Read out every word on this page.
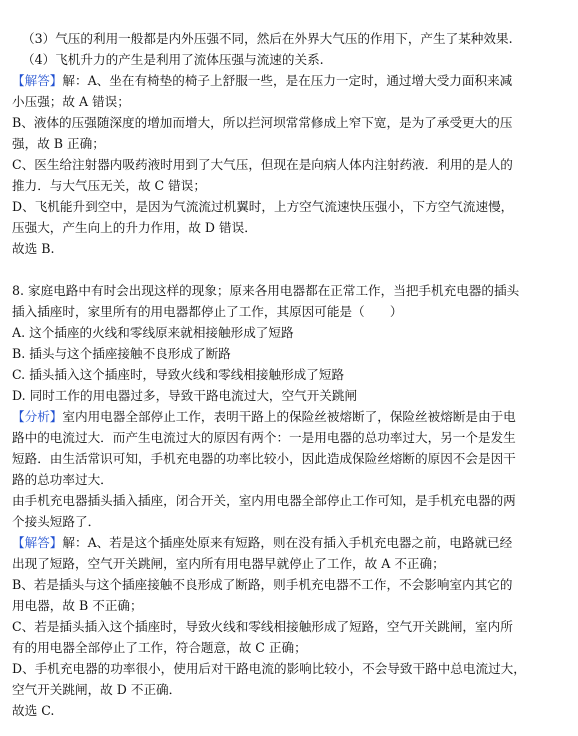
（3）气压的利用一般都是内外压强不同，然后在外界大气压的作用下，产生了某种效果.
（4）飞机升力的产生是利用了流体压强与流速的关系.
【解答】解：A、坐在有椅垫的椅子上舒服一些，是在压力一定时，通过增大受力面积来减
小压强；故 A 错误；
B、液体的压强随深度的增加而增大，所以拦河坝常常修成上窄下宽，是为了承受更大的压
强，故 B 正确；
C、医生给注射器内吸药液时用到了大气压，但现在是向病人体内注射药液．利用的是人的
推力．与大气压无关，故 C 错误；
D、飞机能升到空中，是因为气流流过机翼时，上方空气流速快压强小，下方空气流速慢，
压强大，产生向上的升力作用，故 D 错误．
故选 B.
8. 家庭电路中有时会出现这样的现象；原来各用电器都在正常工作，当把手机充电器的插头
插入插座时，家里所有的用电器都停止了工作，其原因可能是（　　）
A. 这个插座的火线和零线原来就相接触形成了短路
B. 插头与这个插座接触不良形成了断路
C. 插头插入这个插座时，导致火线和零线相接触形成了短路
D. 同时工作的用电器过多，导致干路电流过大，空气开关跳闸
【分析】室内用电器全部停止工作，表明干路上的保险丝被熔断了，保险丝被熔断是由于电
路中的电流过大．而产生电流过大的原因有两个：一是用电器的总功率过大，另一个是发生
短路．由生活常识可知，手机充电器的功率比较小，因此造成保险丝熔断的原因不会是因干
路的总功率过大．
由手机充电器插头插入插座，闭合开关，室内用电器全部停止工作可知，是手机充电器的两
个接头短路了．
【解答】解：A、若是这个插座处原来有短路，则在没有插入手机充电器之前，电路就已经
出现了短路，空气开关跳闸，室内所有用电器早就停止了工作，故 A 不正确；
B、若是插头与这个插座接触不良形成了断路，则手机充电器不工作，不会影响室内其它的
用电器，故 B 不正确；
C、若是插头插入这个插座时，导致火线和零线相接触形成了短路，空气开关跳闸，室内所
有的用电器全部停止了工作，符合题意，故 C 正确；
D、手机充电器的功率很小，使用后对干路电流的影响比较小，不会导致干路中总电流过大，
空气开关跳闸，故 D 不正确．
故选 C.
